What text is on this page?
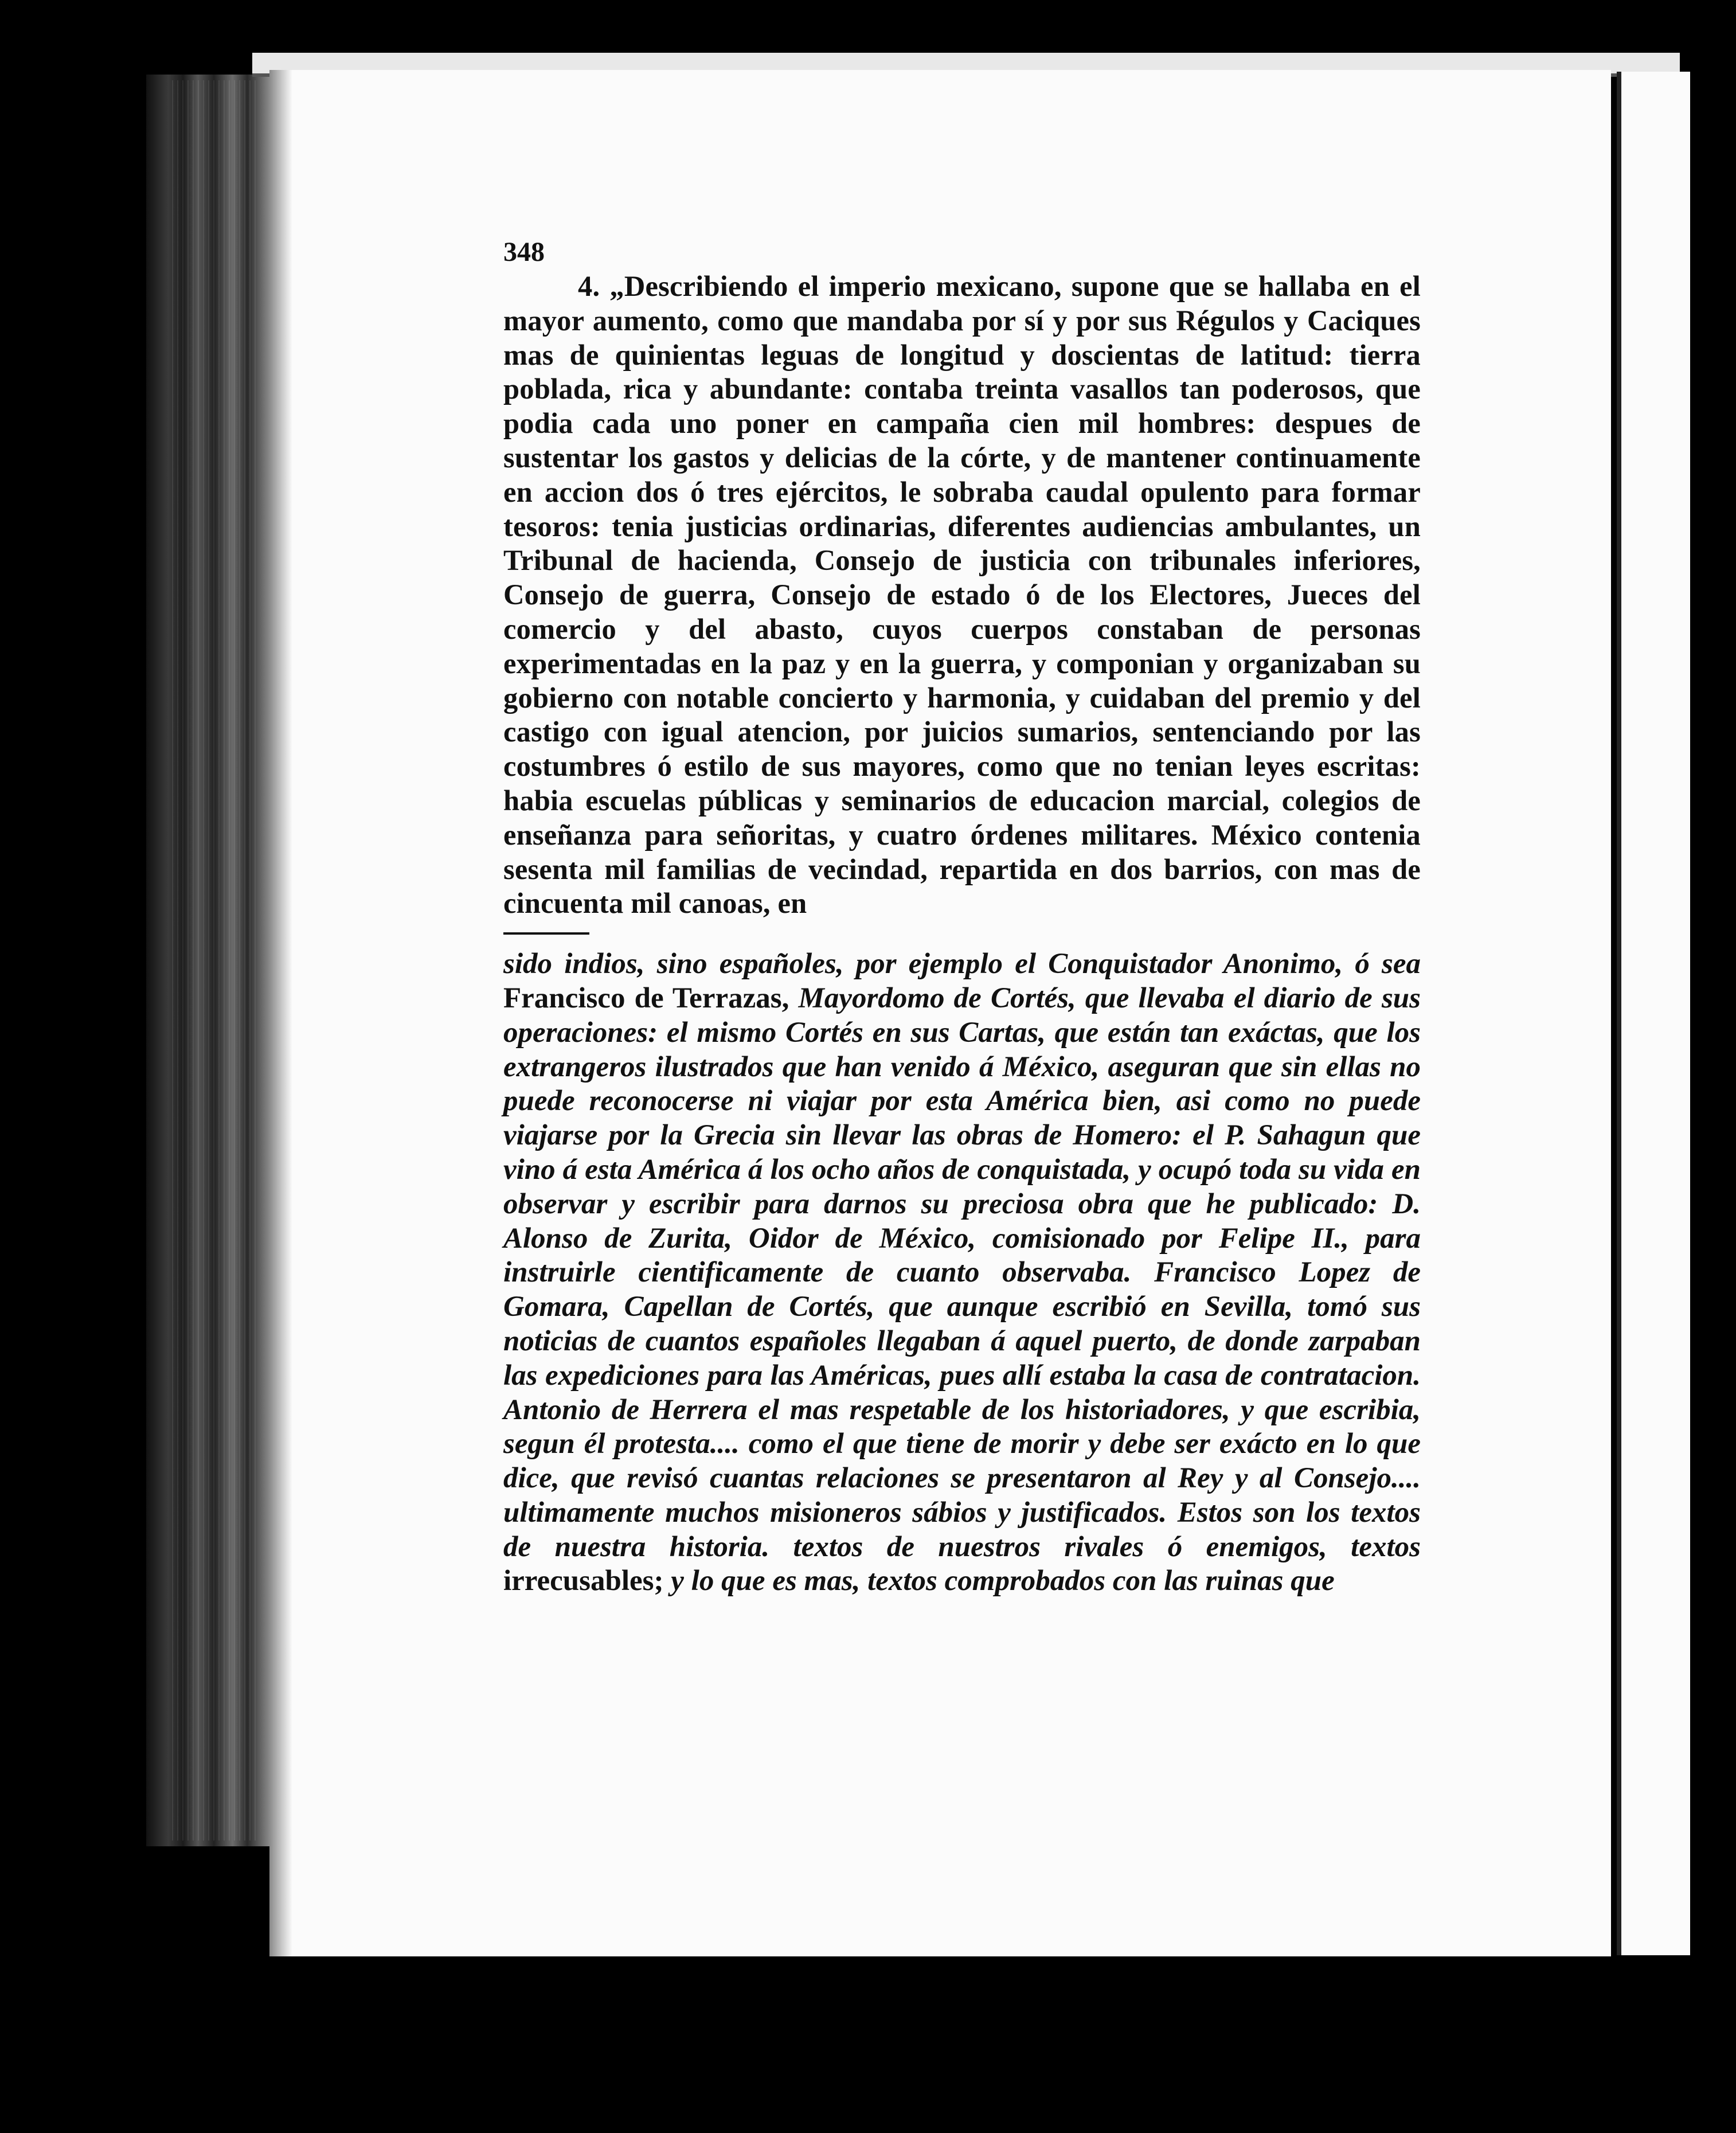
348

4. „Describiendo el imperio mexicano, supone que se hallaba en el mayor aumento, como que mandaba por sí y por sus Régulos y Caciques mas de quinientas leguas de longitud y doscientas de latitud: tierra poblada, rica y abundante: contaba treinta vasallos tan poderosos, que podia cada uno poner en campaña cien mil hombres: despues de sustentar los gastos y delicias de la córte, y de mantener continuamente en accion dos ó tres ejércitos, le sobraba caudal opulento para formar tesoros: tenia justicias ordinarias, diferentes audiencias ambulantes, un Tribunal de hacienda, Consejo de justicia con tribunales inferiores, Consejo de guerra, Consejo de estado ó de los Electores, Jueces del comercio y del abasto, cuyos cuerpos constaban de personas experimentadas en la paz y en la guerra, y componian y organizaban su gobierno con notable concierto y harmonia, y cuidaban del premio y del castigo con igual atencion, por juicios sumarios, sentenciando por las costumbres ó estilo de sus mayores, como que no tenian leyes escritas: habia escuelas públicas y seminarios de educacion marcial, colegios de enseñanza para señoritas, y cuatro órdenes militares. México contenia sesenta mil familias de vecindad, repartida en dos barrios, con mas de cincuenta mil canoas, en

sido indios, sino españoles, por ejemplo el Conquistador Anonimo, ó sea Francisco de Terrazas, Mayordomo de Cortés, que llevaba el diario de sus operaciones: el mismo Cortés en sus Cartas, que están tan exáctas, que los extrangeros ilustrados que han venido á México, aseguran que sin ellas no puede reconocerse ni viajar por esta América bien, asi como no puede viajarse por la Grecia sin llevar las obras de Homero: el P. Sahagun que vino á esta América á los ocho años de conquistada, y ocupó toda su vida en observar y escribir para darnos su preciosa obra que he publicado: D. Alonso de Zurita, Oidor de México, comisionado por Felipe II., para instruirle cientificamente de cuanto observaba. Francisco Lopez de Gomara, Capellan de Cortés, que aunque escribió en Sevilla, tomó sus noticias de cuantos españoles llegaban á aquel puerto, de donde zarpaban las expediciones para las Américas, pues allí estaba la casa de contratacion. Antonio de Herrera el mas respetable de los historiadores, y que escribia, segun él protesta.... como el que tiene de morir y debe ser exácto en lo que dice, que revisó cuantas relaciones se presentaron al Rey y al Consejo.... ultimamente muchos misioneros sábios y justificados. Estos son los textos de nuestra historia. textos de nuestros rivales ó enemigos, textos irrecusables; y lo que es mas, textos comprobados con las ruinas que
